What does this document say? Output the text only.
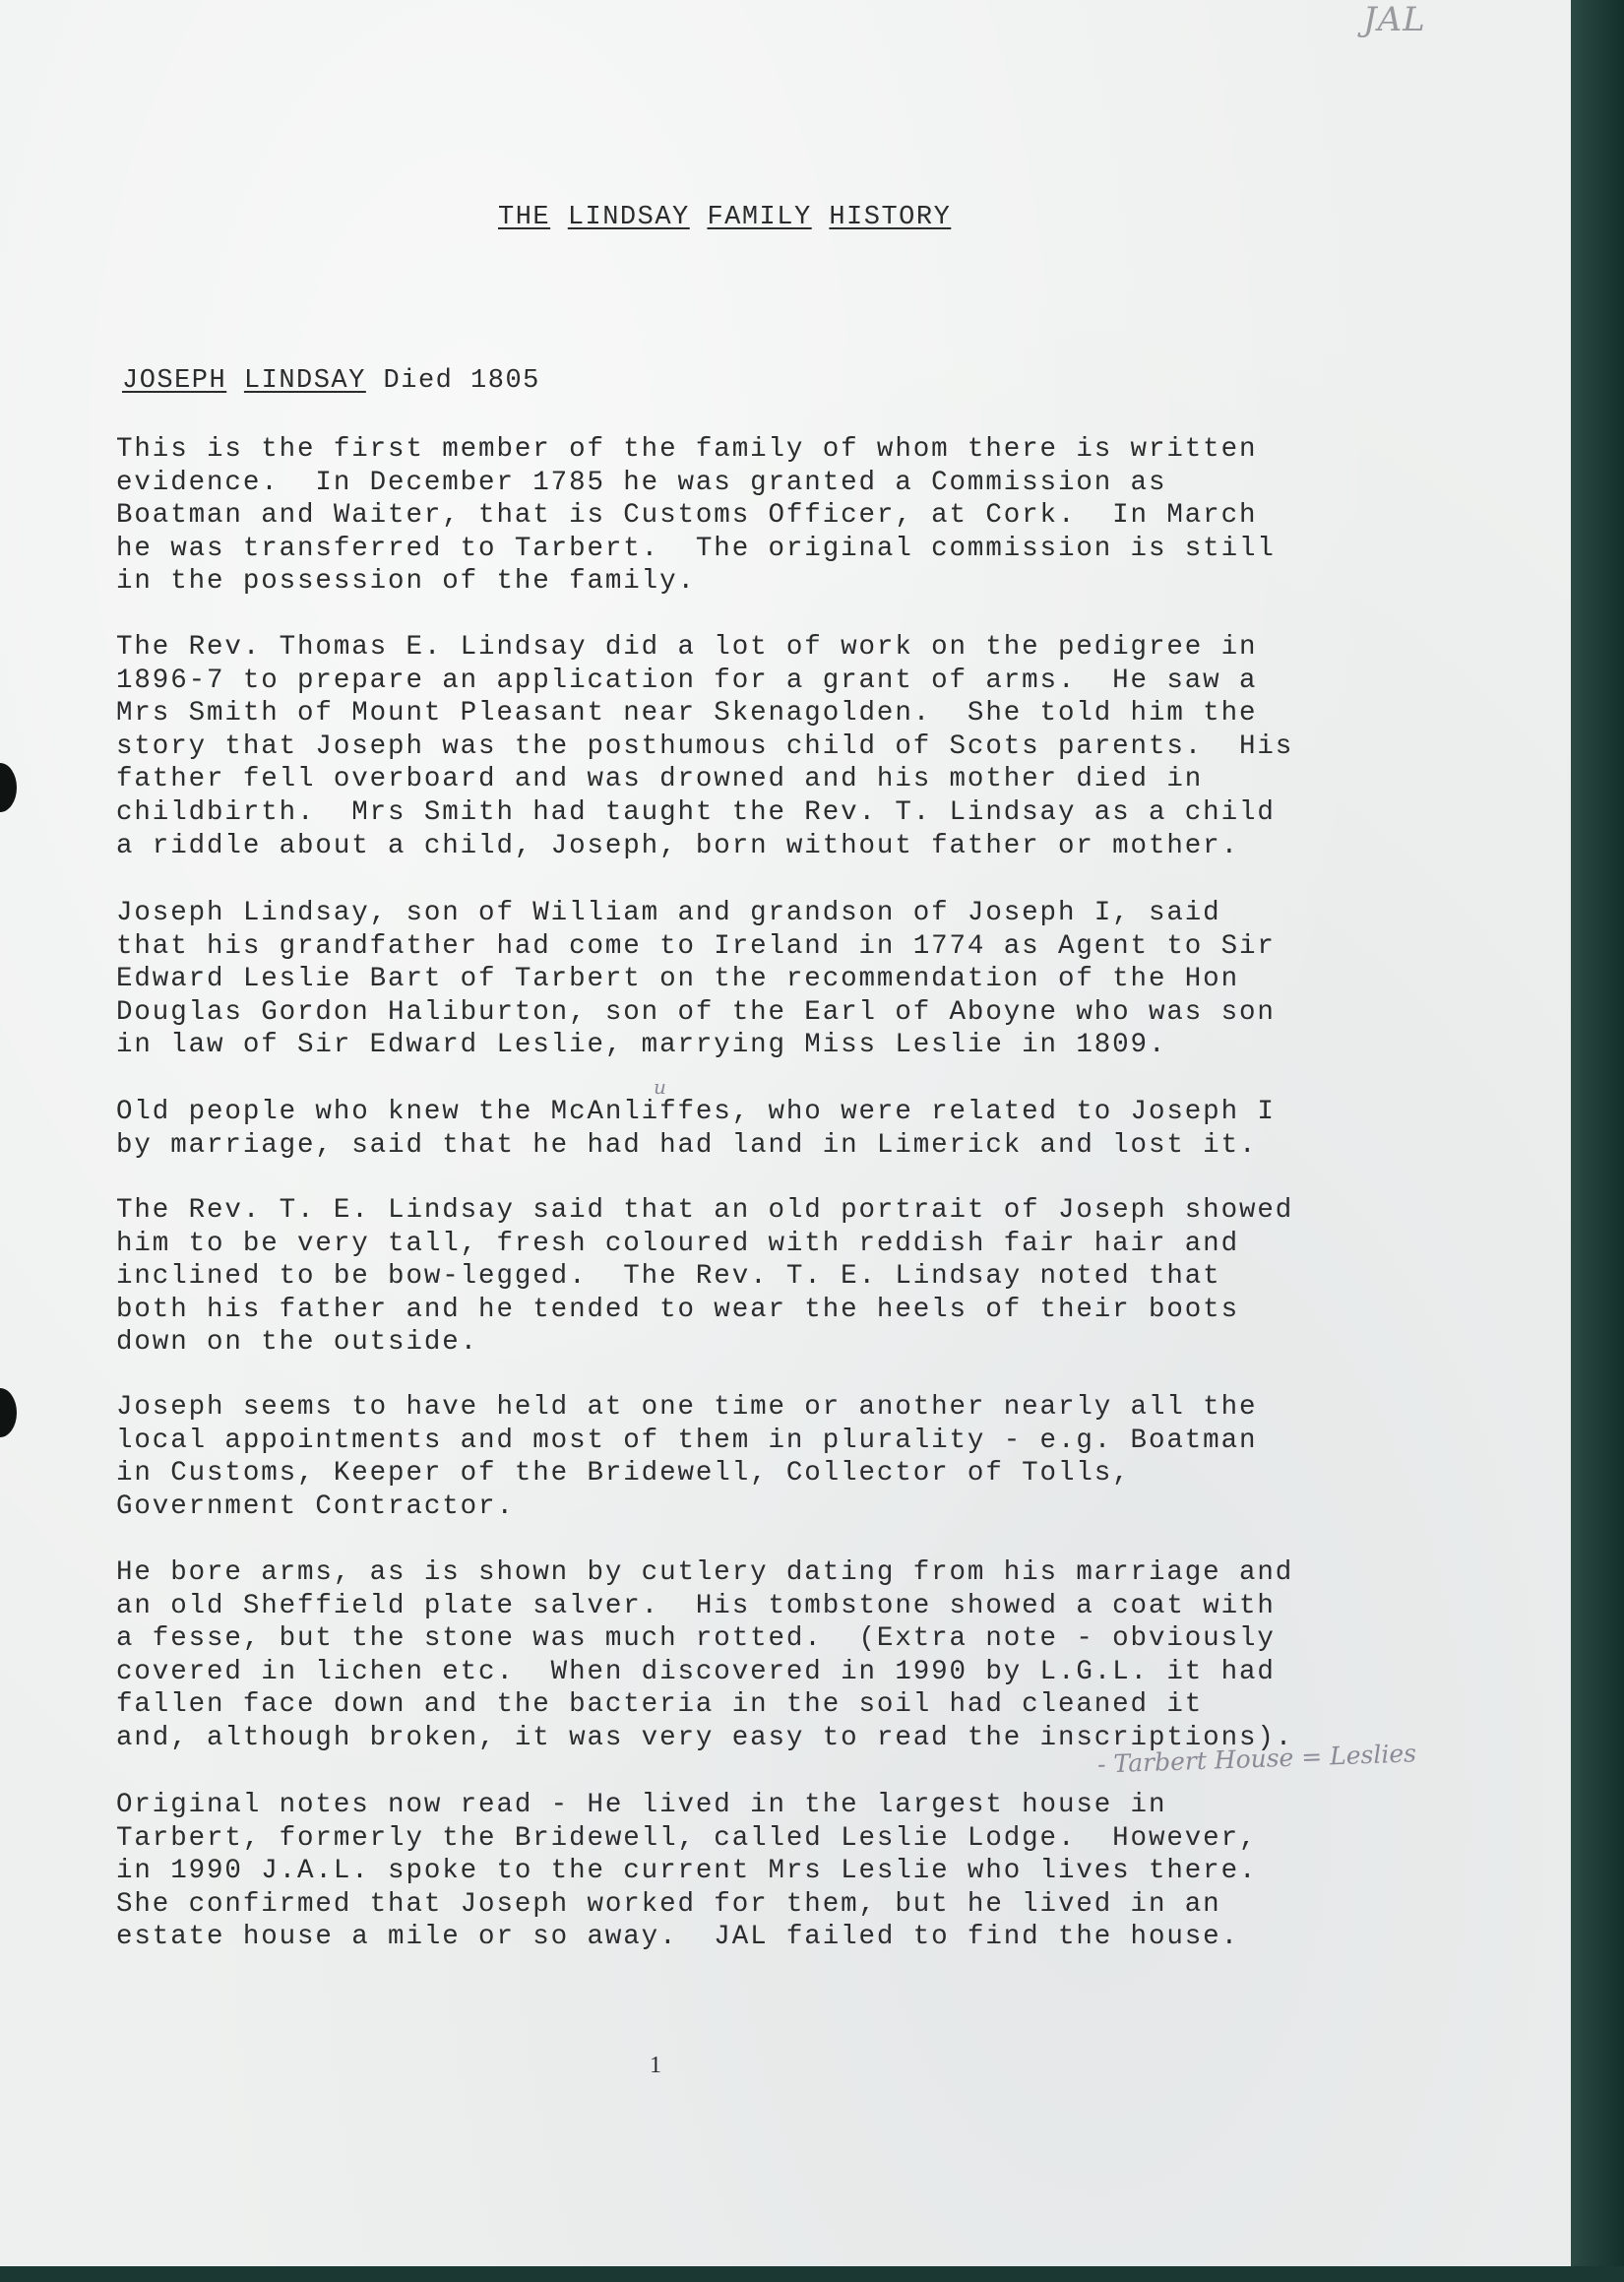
JAL
THE LINDSAY FAMILY HISTORY
JOSEPH LINDSAY Died 1805

This is the first member of the family of whom there is written
evidence.  In December 1785 he was granted a Commission as
Boatman and Waiter, that is Customs Officer, at Cork.  In March
he was transferred to Tarbert.  The original commission is still
in the possession of the family.

The Rev. Thomas E. Lindsay did a lot of work on the pedigree in
1896-7 to prepare an application for a grant of arms.  He saw a
Mrs Smith of Mount Pleasant near Skenagolden.  She told him the
story that Joseph was the posthumous child of Scots parents.  His
father fell overboard and was drowned and his mother died in
childbirth.  Mrs Smith had taught the Rev. T. Lindsay as a child
a riddle about a child, Joseph, born without father or mother.

Joseph Lindsay, son of William and grandson of Joseph I, said
that his grandfather had come to Ireland in 1774 as Agent to Sir
Edward Leslie Bart of Tarbert on the recommendation of the Hon
Douglas Gordon Haliburton, son of the Earl of Aboyne who was son
in law of Sir Edward Leslie, marrying Miss Leslie in 1809.

u

Old people who knew the McAnliffes, who were related to Joseph I
by marriage, said that he had had land in Limerick and lost it.

The Rev. T. E. Lindsay said that an old portrait of Joseph showed
him to be very tall, fresh coloured with reddish fair hair and
inclined to be bow-legged.  The Rev. T. E. Lindsay noted that
both his father and he tended to wear the heels of their boots
down on the outside.

Joseph seems to have held at one time or another nearly all the
local appointments and most of them in plurality - e.g. Boatman
in Customs, Keeper of the Bridewell, Collector of Tolls,
Government Contractor.

He bore arms, as is shown by cutlery dating from his marriage and
an old Sheffield plate salver.  His tombstone showed a coat with
a fesse, but the stone was much rotted.  (Extra note - obviously
covered in lichen etc.  When discovered in 1990 by L.G.L. it had
fallen face down and the bacteria in the soil had cleaned it
and, although broken, it was very easy to read the inscriptions).

- Tarbert House = Leslies

Original notes now read - He lived in the largest house in
Tarbert, formerly the Bridewell, called Leslie Lodge.  However,
in 1990 J.A.L. spoke to the current Mrs Leslie who lives there.
She confirmed that Joseph worked for them, but he lived in an
estate house a mile or so away.  JAL failed to find the house.

1
